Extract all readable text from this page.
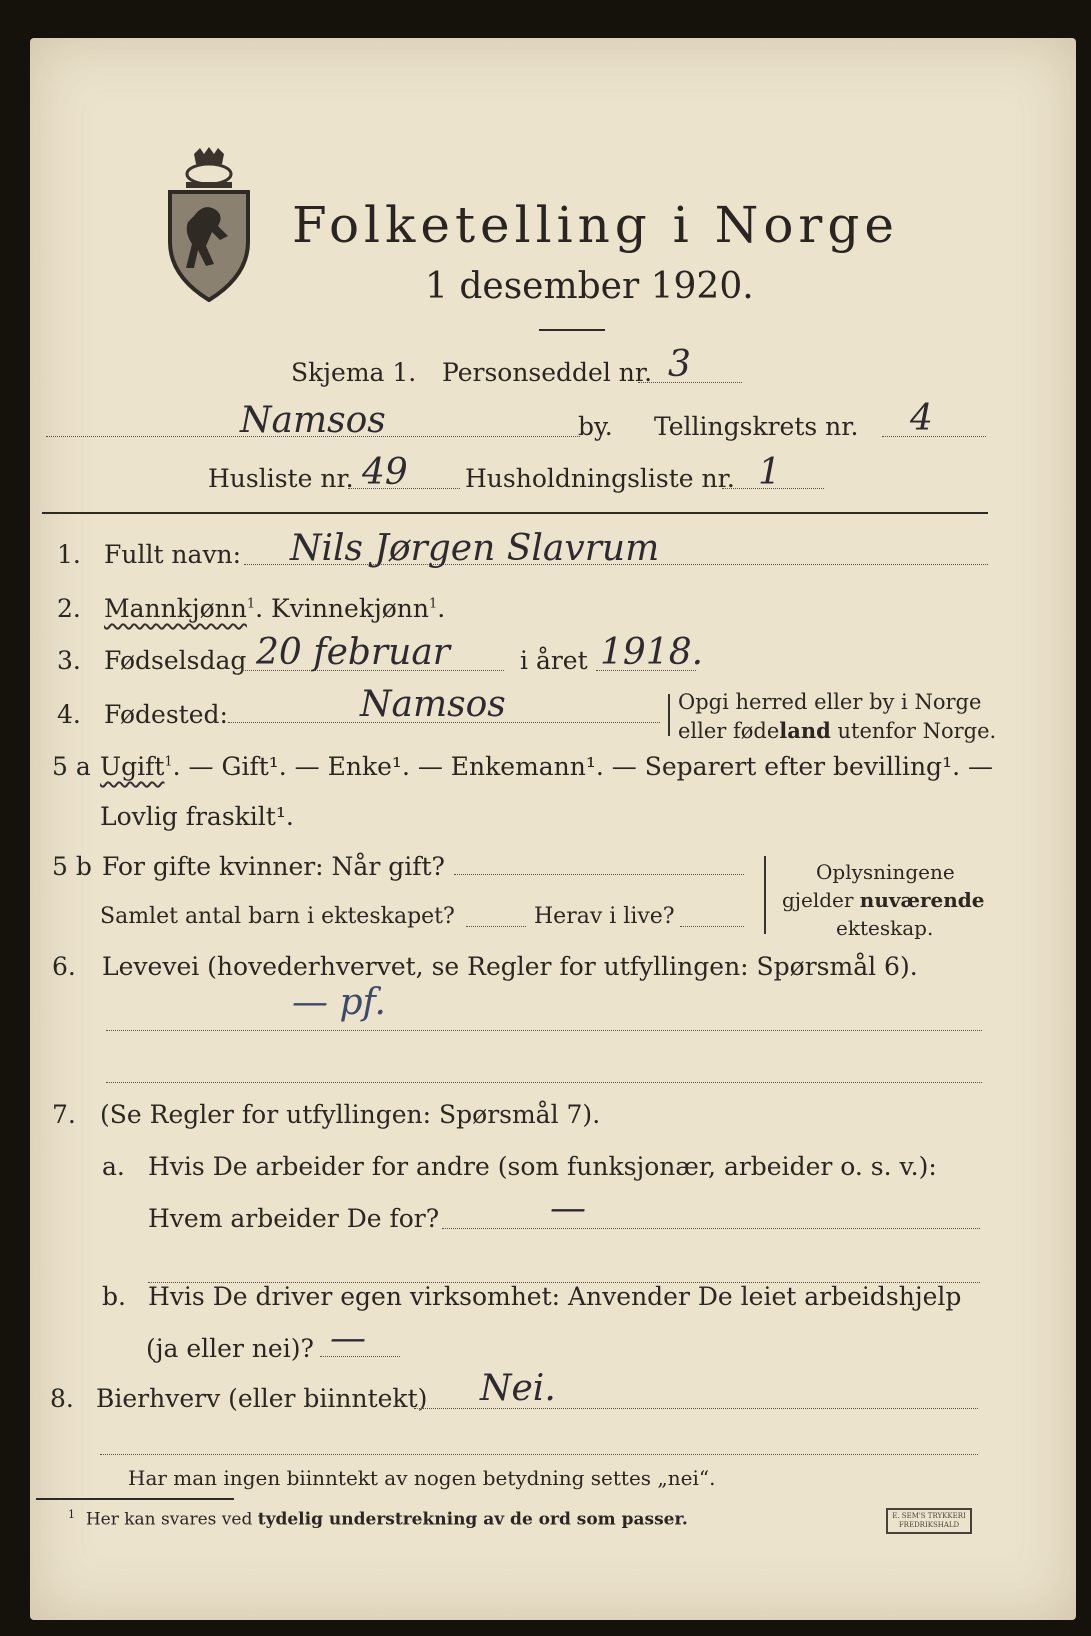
Folketelling i Norge
1 desember 1920.
Skjema 1. Personseddel nr. 3
Namsos	by. Tellingskrets nr. 4
Husliste nr. 49 Husholdningsliste nr. 1
1. Fullt navn: Nils Jørgen Slavrum
2. Mannkjønn$^1$. Kvinnekjønn$^1$.
3. Fødselsdag 20 februar	i året 1918.
4. Fødested:	Namsos	Opgi herred eller by i Norge
eller fødeland utenfor Norge.
5 a Ugift$^1$. — Gift¹. — Enke¹. — Enkemann¹. — Separert efter bevilling¹. —
Lovlig fraskilt¹.
5 b For gifte kvinner: Når gift?
Samlet antal barn i ekteskapet?	Herav i live?
Oplysningene
gjelder nuværende
ekteskap.
6. Levevei (hovederhvervet, se Regler for utfyllingen: Spørsmål 6).
— pf.
7. (Se Regler for utfyllingen: Spørsmål 7).
a. Hvis De arbeider for andre (som funksjonær, arbeider o. s. v.):
Hvem arbeider De for?	—
b. Hvis De driver egen virksomhet: Anvender De leiet arbeidshjelp
(ja eller nei)? —
8. Bierhverv (eller biinntekt) Nei.
Har man ingen biinntekt av nogen betydning settes „nei“.
$^1$ Her kan svares ved tydelig understrekning av de ord som passer.	E. SEM'S TRYKKERI FREDRIKSHALD
